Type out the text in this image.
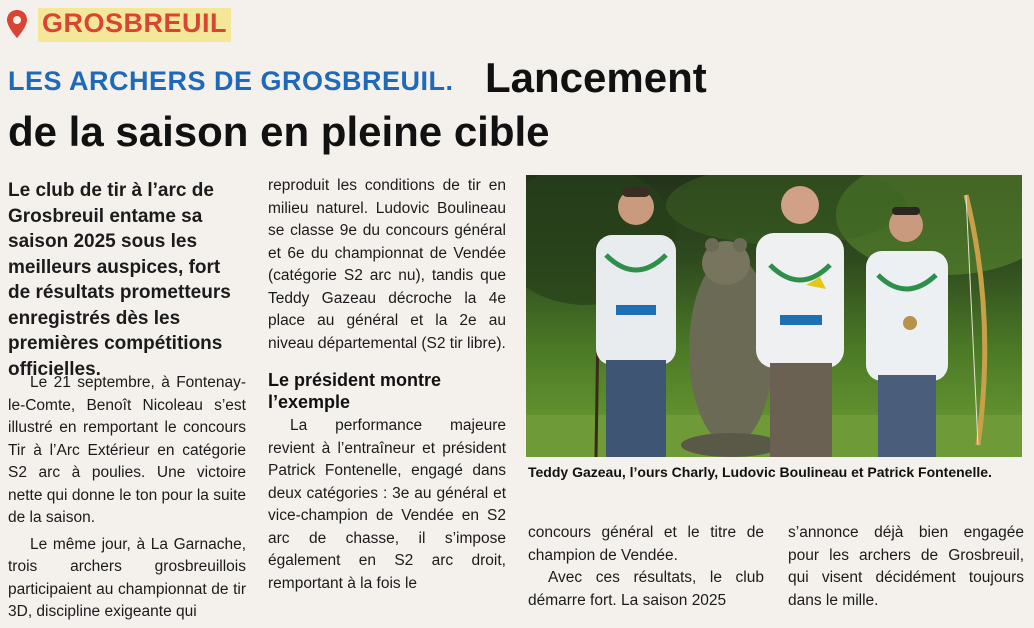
GROSBREUIL
LES ARCHERS DE GROSBREUIL. Lancement
de la saison en pleine cible
Le club de tir à l’arc de Grosbreuil entame sa saison 2025 sous les meilleurs auspices, fort de résultats prometteurs enregistrés dès les premières compétitions officielles.

Le 21 septembre, à Fontenay-le-Comte, Benoît Nicoleau s’est illustré en remportant le concours Tir à l’Arc Extérieur en catégorie S2 arc à poulies. Une victoire nette qui donne le ton pour la suite de la saison.

Le même jour, à La Garnache, trois archers grosbreuillois participaient au championnat de tir 3D, discipline exigeante qui

reproduit les conditions de tir en milieu naturel. Ludovic Boulineau se classe 9e du concours général et 6e du championnat de Vendée (catégorie S2 arc nu), tandis que Teddy Gazeau décroche la 4e place au général et la 2e au niveau départemental (S2 tir libre).

Le président montre l’exemple

La performance majeure revient à l’entraîneur et président Patrick Fontenelle, engagé dans deux catégories : 3e au général et vice-champion de Vendée en S2 arc de chasse, il s’impose également en S2 arc droit, remportant à la fois le

Teddy Gazeau, l’ours Charly, Ludovic Boulineau et Patrick Fontenelle.

concours général et le titre de champion de Vendée.

Avec ces résultats, le club démarre fort. La saison 2025

s’annonce déjà bien engagée pour les archers de Grosbreuil, qui visent décidément toujours dans le mille.
